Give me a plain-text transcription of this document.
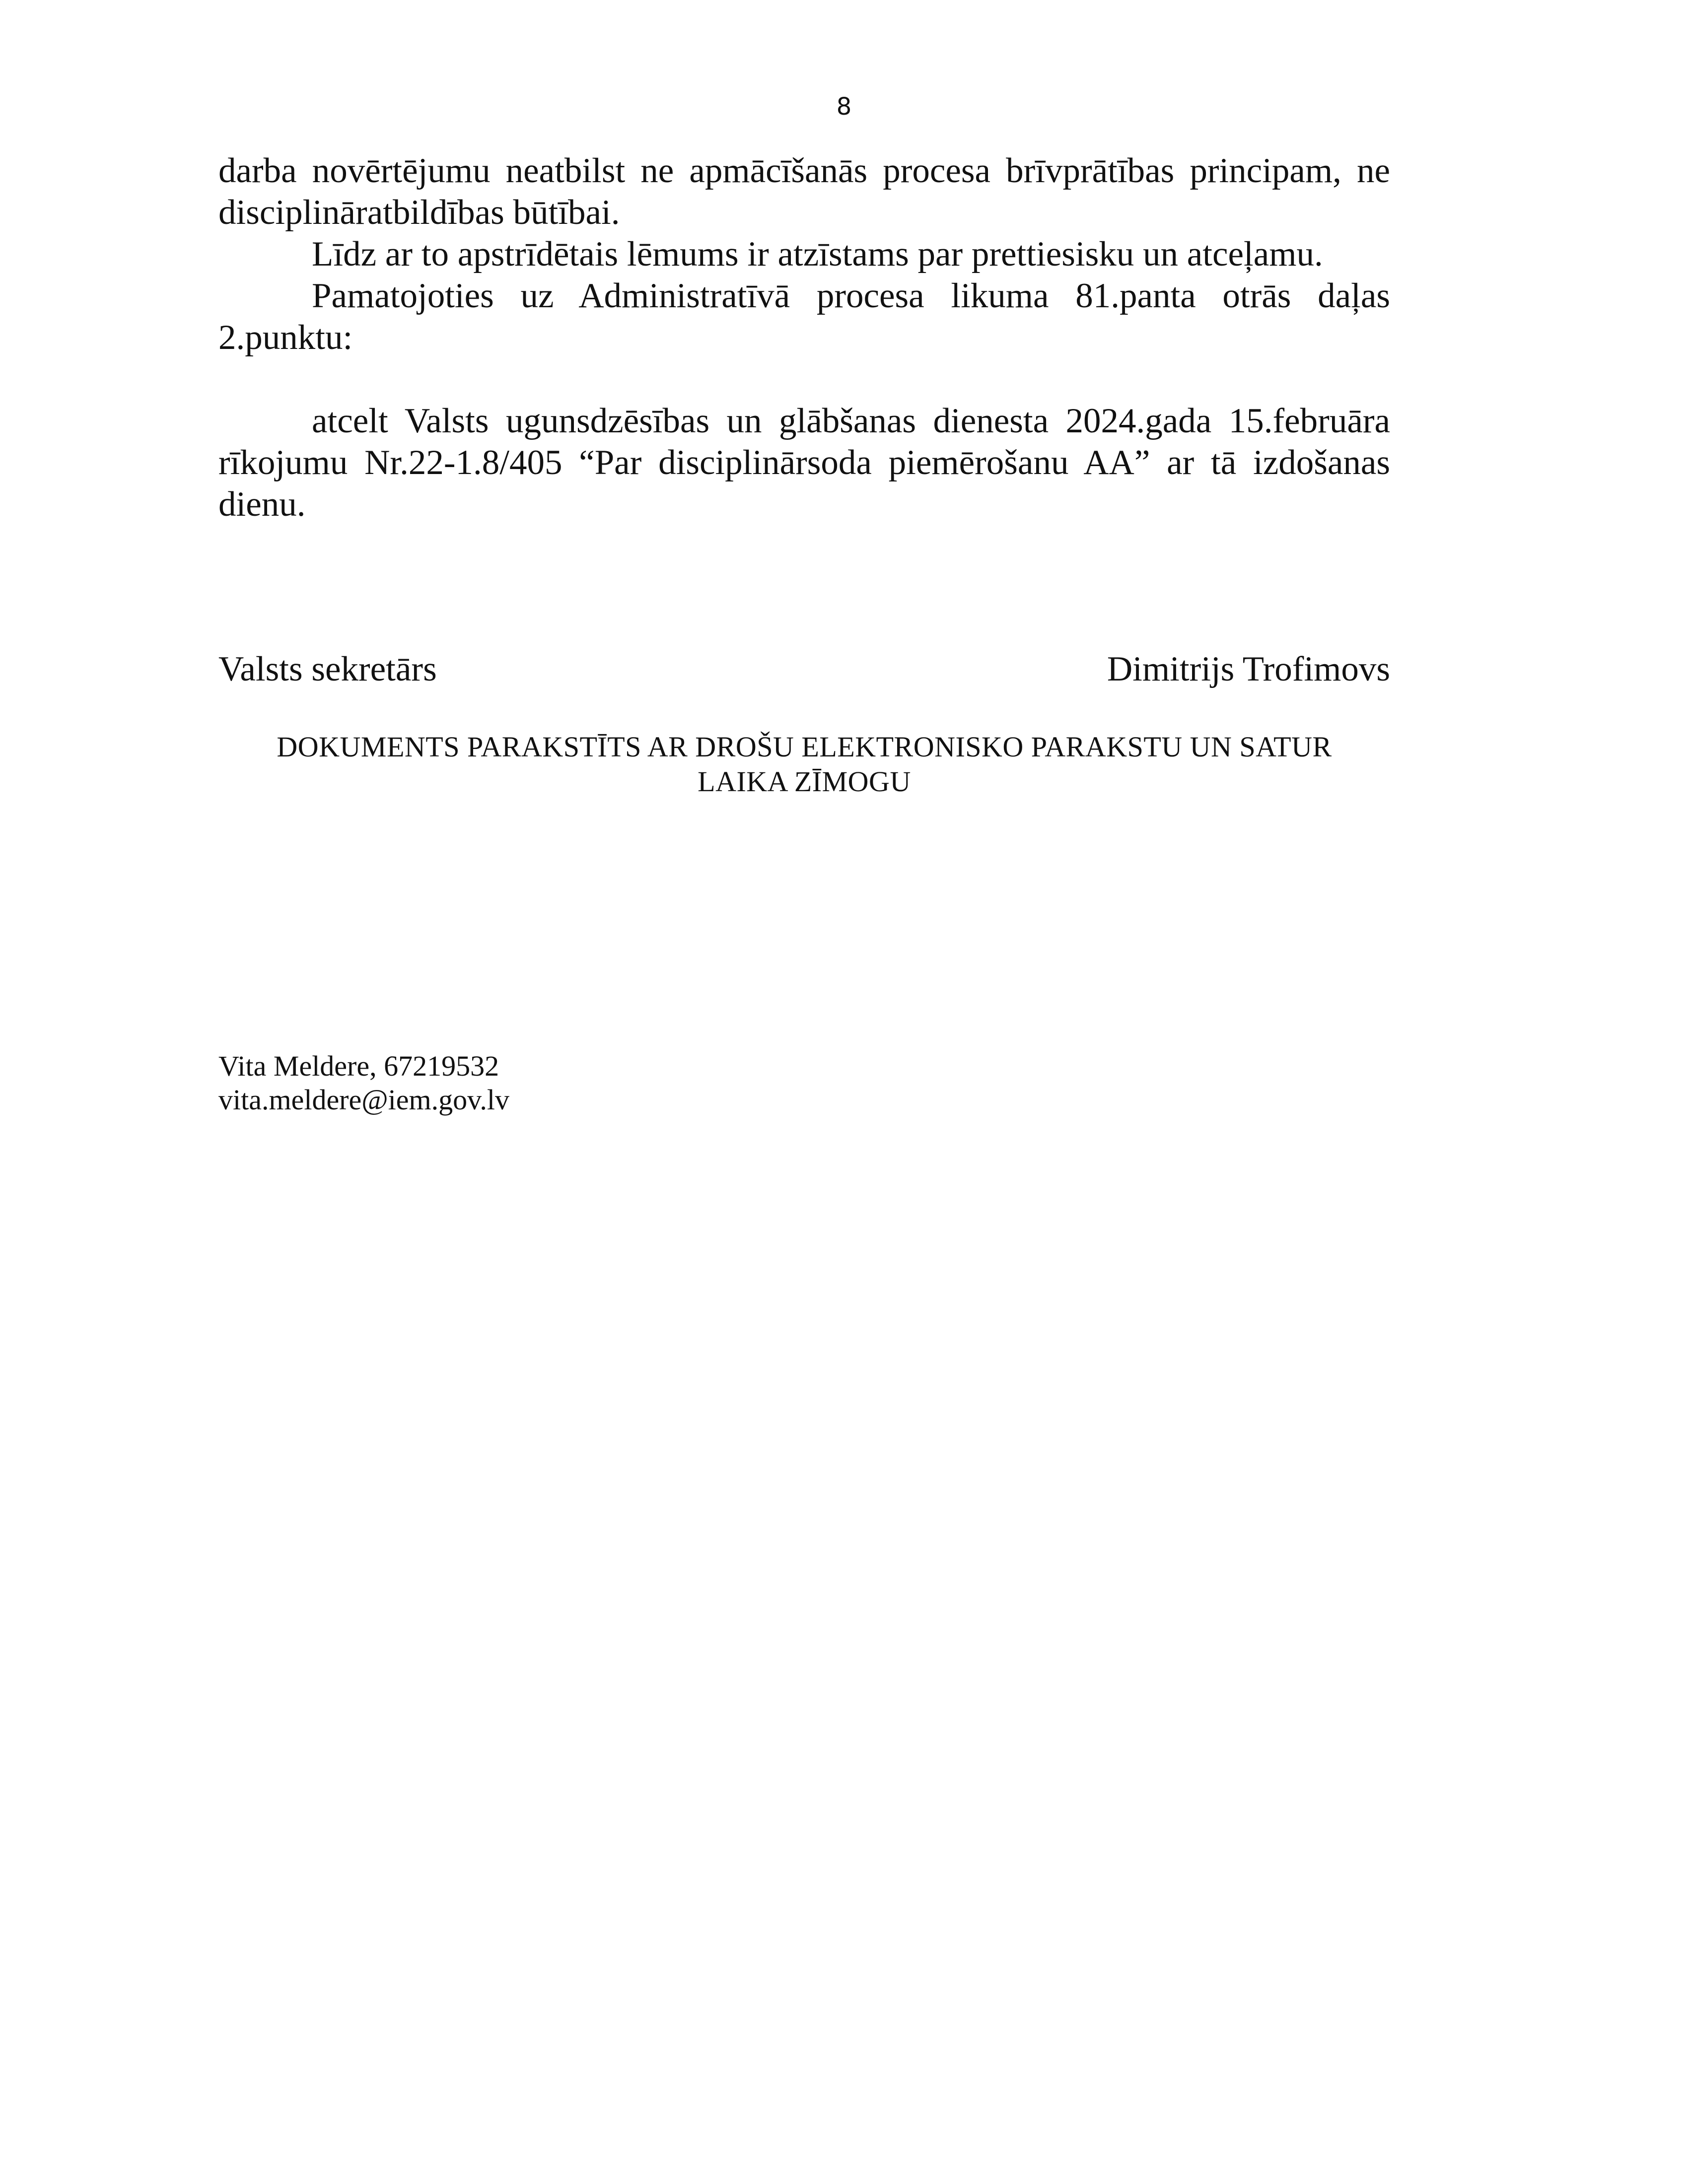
8

darba novērtējumu neatbilst ne apmācīšanās procesa brīvprātības principam, ne disciplināratbildības būtībai.

Līdz ar to apstrīdētais lēmums ir atzīstams par prettiesisku un atceļamu.

Pamatojoties uz Administratīvā procesa likuma 81.panta otrās daļas 2.punktu:

atcelt Valsts ugunsdzēsības un glābšanas dienesta 2024.gada 15.februāra rīkojumu Nr.22-1.8/405 “Par disciplinārsoda piemērošanu AA” ar tā izdošanas dienu.

Valsts sekretārs	Dimitrijs Trofimovs
DOKUMENTS PARAKSTĪTS AR DROŠU ELEKTRONISKO PARAKSTU UN SATUR
LAIKA ZĪMOGU
Vita Meldere, 67219532
vita.meldere@iem.gov.lv
